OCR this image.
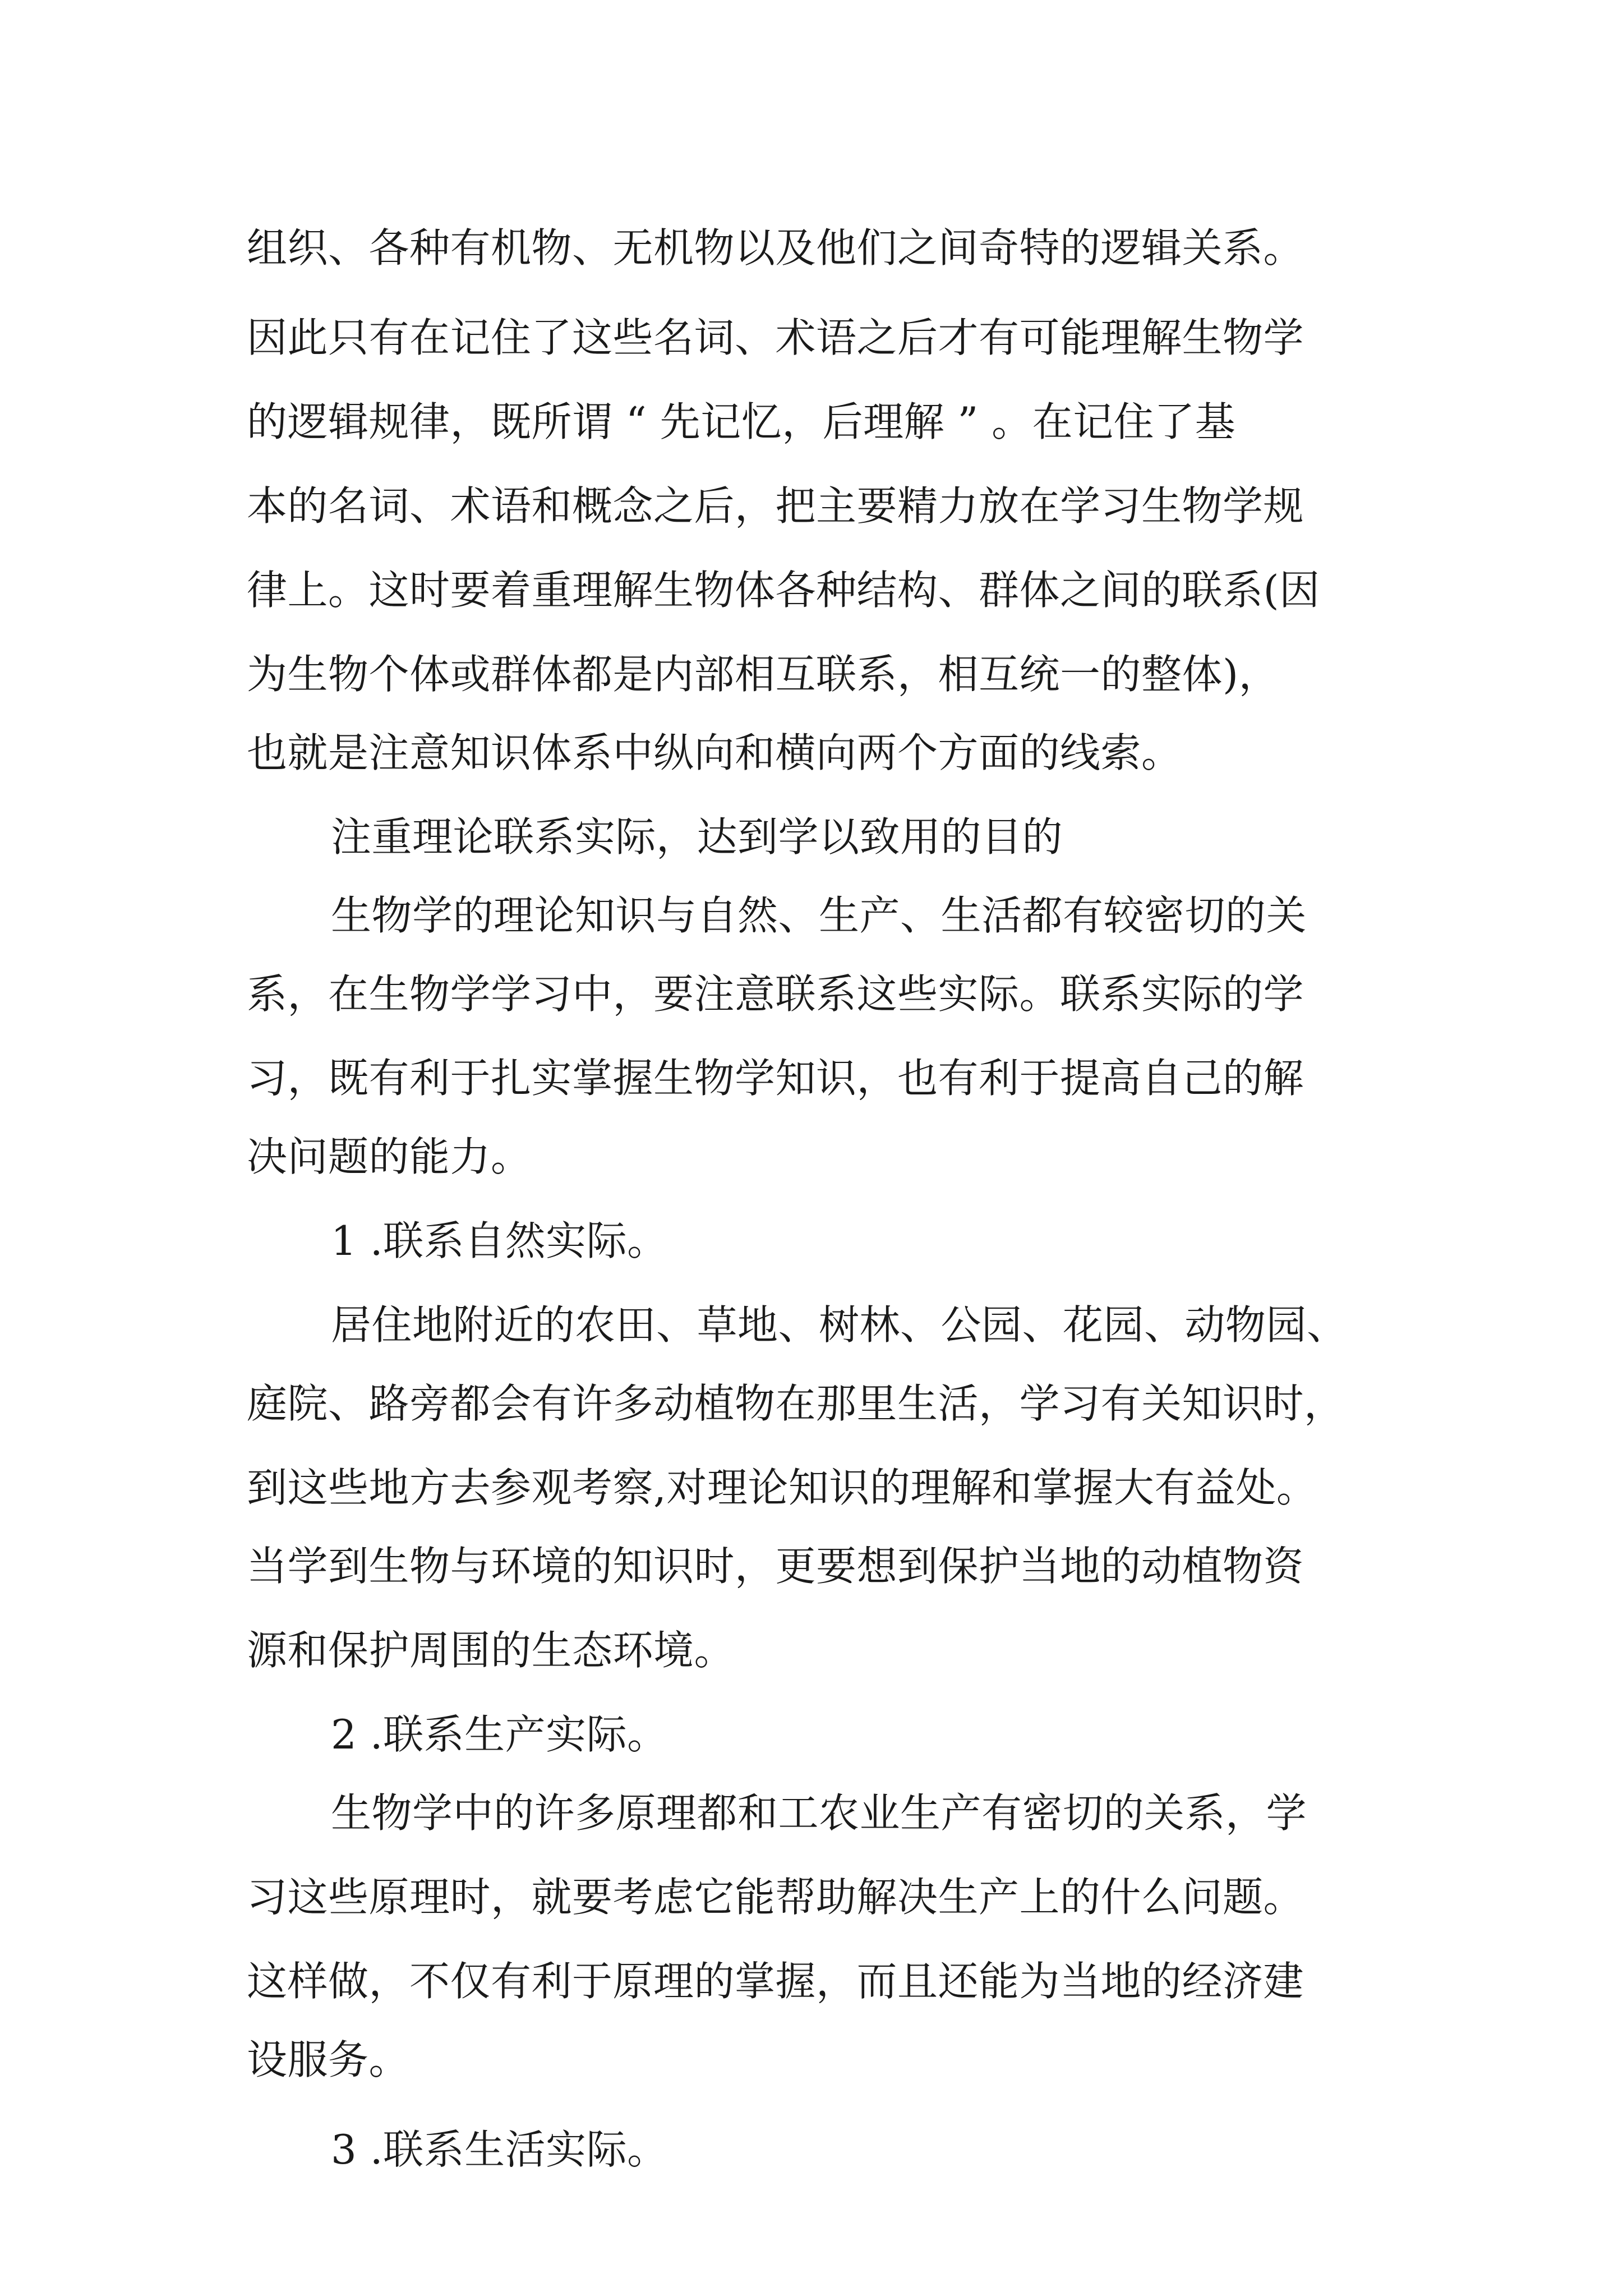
组织、各种有机物、无机物以及他们之间奇特的逻辑关系。

因此只有在记住了这些名词、术语之后才有可能理解生物学

的逻辑规律，既所谓 “ 先记忆，后理解 ” 。在记住了基

本的名词、术语和概念之后，把主要精力放在学习生物学规

律上。这时要着重理解生物体各种结构、群体之间的联系(因

为生物个体或群体都是内部相互联系，相互统一的整体)，

也就是注意知识体系中纵向和横向两个方面的线索。

注重理论联系实际，达到学以致用的目的

生物学的理论知识与自然、生产、生活都有较密切的关

系，在生物学学习中，要注意联系这些实际。联系实际的学

习，既有利于扎实掌握生物学知识，也有利于提高自己的解

决问题的能力。

1 .联系自然实际。

居住地附近的农田、草地、树林、公园、花园、动物园、

庭院、路旁都会有许多动植物在那里生活，学习有关知识时，

到这些地方去参观考察,对理论知识的理解和掌握大有益处。

当学到生物与环境的知识时，更要想到保护当地的动植物资

源和保护周围的生态环境。

2 .联系生产实际。

生物学中的许多原理都和工农业生产有密切的关系，学

习这些原理时，就要考虑它能帮助解决生产上的什么问题。

这样做，不仅有利于原理的掌握，而且还能为当地的经济建

设服务。

3 .联系生活实际。
